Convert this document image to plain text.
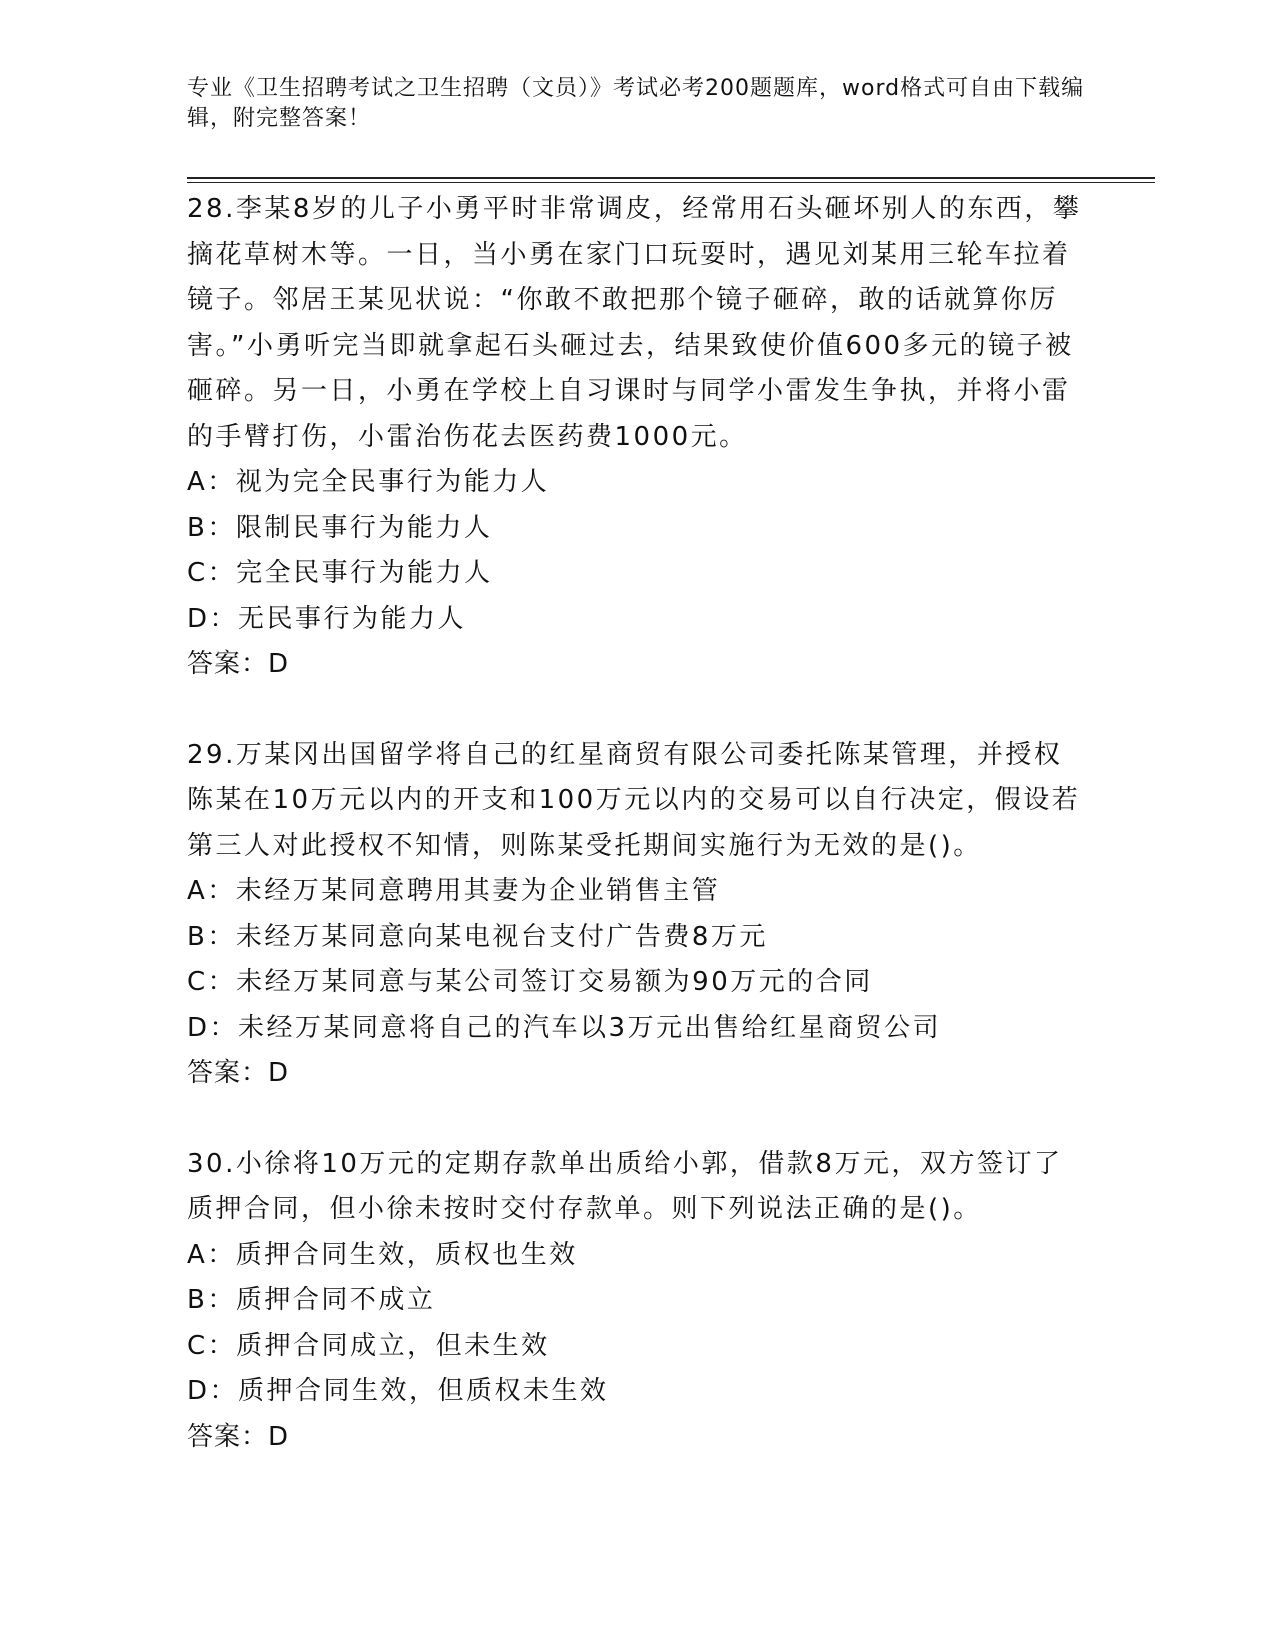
专业《卫生招聘考试之卫生招聘（文员）》考试必考200题题库，word格式可自由下载编辑，附完整答案！

28.李某8岁的儿子小勇平时非常调皮，经常用石头砸坏别人的东西，攀摘花草树木等。一日，当小勇在家门口玩耍时，遇见刘某用三轮车拉着镜子。邻居王某见状说：“你敢不敢把那个镜子砸碎，敢的话就算你厉害。”小勇听完当即就拿起石头砸过去，结果致使价值600多元的镜子被砸碎。另一日，小勇在学校上自习课时与同学小雷发生争执，并将小雷的手臂打伤，小雷治伤花去医药费1000元。

A：视为完全民事行为能力人

B：限制民事行为能力人

C：完全民事行为能力人

D：无民事行为能力人

答案：D

29.万某冈出国留学将自己的红星商贸有限公司委托陈某管理，并授权陈某在10万元以内的开支和100万元以内的交易可以自行决定，假设若第三人对此授权不知情，则陈某受托期间实施行为无效的是()。

A：未经万某同意聘用其妻为企业销售主管

B：未经万某同意向某电视台支付广告费8万元

C：未经万某同意与某公司签订交易额为90万元的合同

D：未经万某同意将自己的汽车以3万元出售给红星商贸公司

答案：D

30.小徐将10万元的定期存款单出质给小郭，借款8万元，双方签订了质押合同，但小徐未按时交付存款单。则下列说法正确的是()。

A：质押合同生效，质权也生效

B：质押合同不成立

C：质押合同成立，但未生效

D：质押合同生效，但质权未生效

答案：D
